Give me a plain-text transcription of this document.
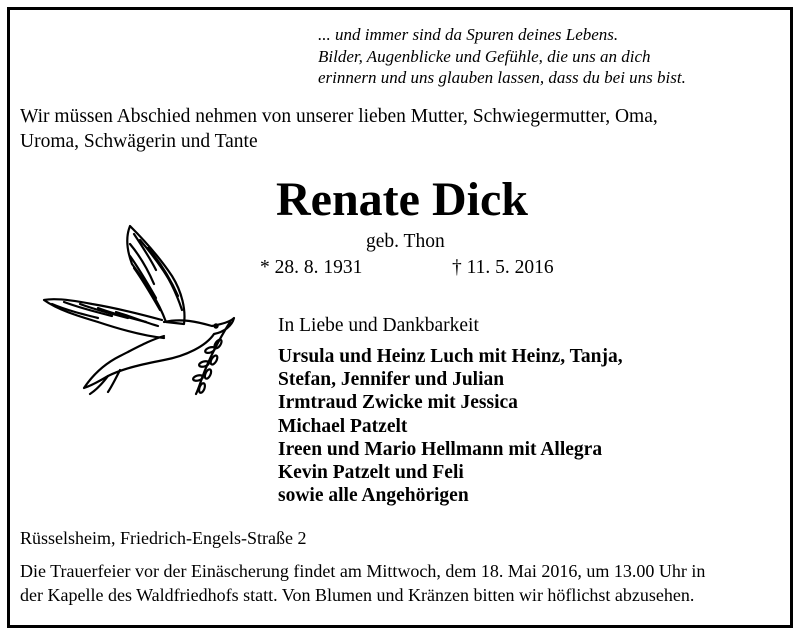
... und immer sind da Spuren deines Lebens.
Bilder, Augenblicke und Gefühle, die uns an dich
erinnern und uns glauben lassen, dass du bei uns bist.
Wir müssen Abschied nehmen von unserer lieben Mutter, Schwiegermutter, Oma,
Uroma, Schwägerin und Tante
Renate Dick
geb. Thon
* 28. 8. 1931	† 11. 5. 2016
In Liebe und Dankbarkeit
Ursula und Heinz Luch mit Heinz, Tanja,
Stefan, Jennifer und Julian
Irmtraud Zwicke mit Jessica
Michael Patzelt
Ireen und Mario Hellmann mit Allegra
Kevin Patzelt und Feli
sowie alle Angehörigen
Rüsselsheim, Friedrich-Engels-Straße 2
Die Trauerfeier vor der Einäscherung findet am Mittwoch, dem 18. Mai 2016, um 13.00 Uhr in
der Kapelle des Waldfriedhofs statt. Von Blumen und Kränzen bitten wir höflichst abzusehen.
